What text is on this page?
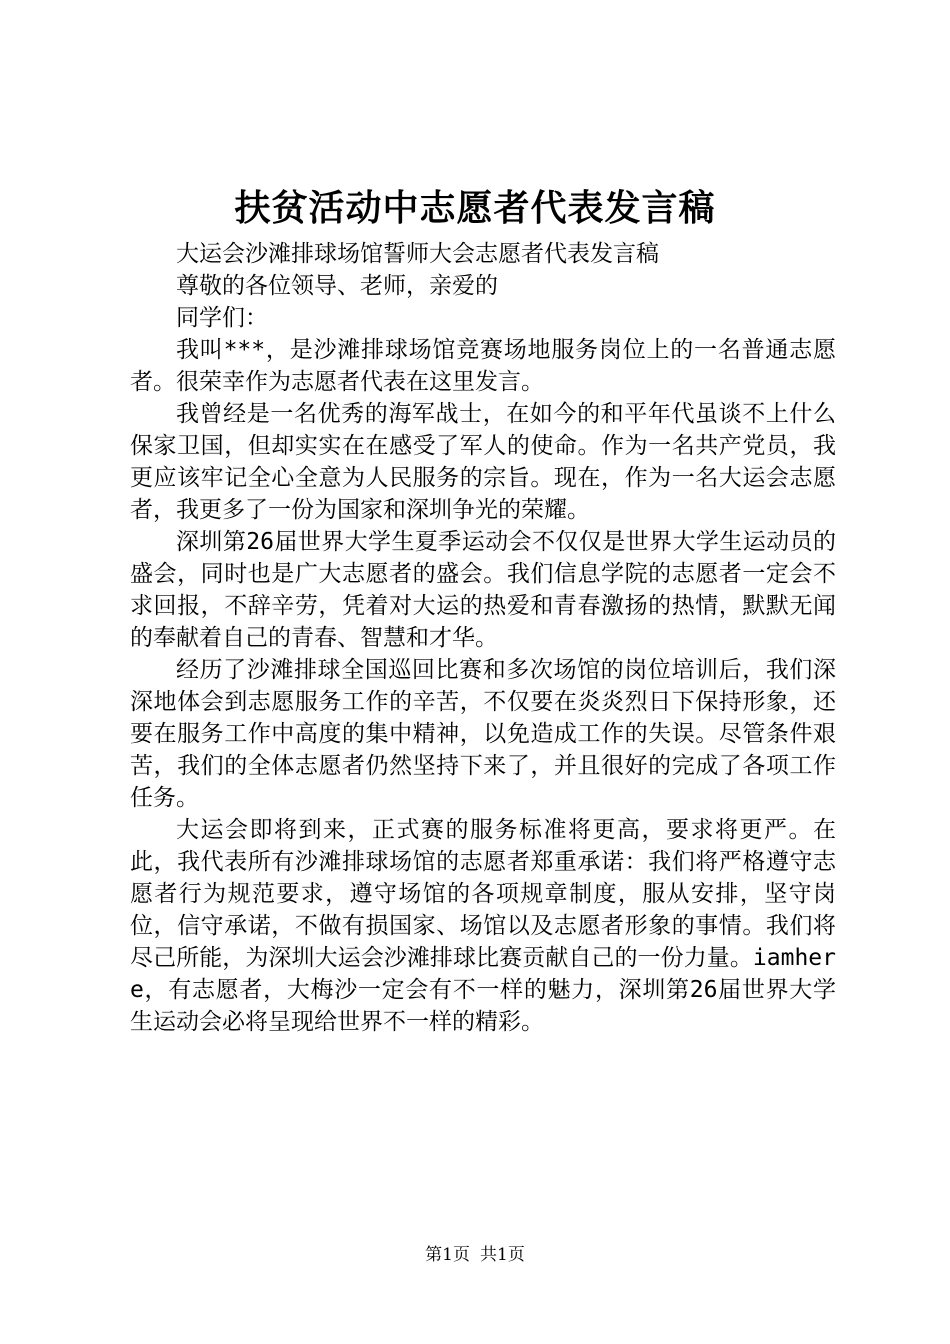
扶贫活动中志愿者代表发言稿

大运会沙滩排球场馆誓师大会志愿者代表发言稿

尊敬的各位领导、老师，亲爱的

同学们：

我叫***，是沙滩排球场馆竞赛场地服务岗位上的一名普通志愿者。很荣幸作为志愿者代表在这里发言。

我曾经是一名优秀的海军战士，在如今的和平年代虽谈不上什么保家卫国，但却实实在在感受了军人的使命。作为一名共产党员，我更应该牢记全心全意为人民服务的宗旨。现在，作为一名大运会志愿者，我更多了一份为国家和深圳争光的荣耀。

深圳第26届世界大学生夏季运动会不仅仅是世界大学生运动员的盛会，同时也是广大志愿者的盛会。我们信息学院的志愿者一定会不求回报，不辞辛劳，凭着对大运的热爱和青春激扬的热情，默默无闻的奉献着自己的青春、智慧和才华。

经历了沙滩排球全国巡回比赛和多次场馆的岗位培训后，我们深深地体会到志愿服务工作的辛苦，不仅要在炎炎烈日下保持形象，还要在服务工作中高度的集中精神，以免造成工作的失误。尽管条件艰苦，我们的全体志愿者仍然坚持下来了，并且很好的完成了各项工作任务。

大运会即将到来，正式赛的服务标准将更高，要求将更严。在此，我代表所有沙滩排球场馆的志愿者郑重承诺：我们将严格遵守志愿者行为规范要求，遵守场馆的各项规章制度，服从安排，坚守岗位，信守承诺，不做有损国家、场馆以及志愿者形象的事情。我们将尽己所能，为深圳大运会沙滩排球比赛贡献自己的一份力量。iamhere，有志愿者，大梅沙一定会有不一样的魅力，深圳第26届世界大学生运动会必将呈现给世界不一样的精彩。

第1页 共1页
